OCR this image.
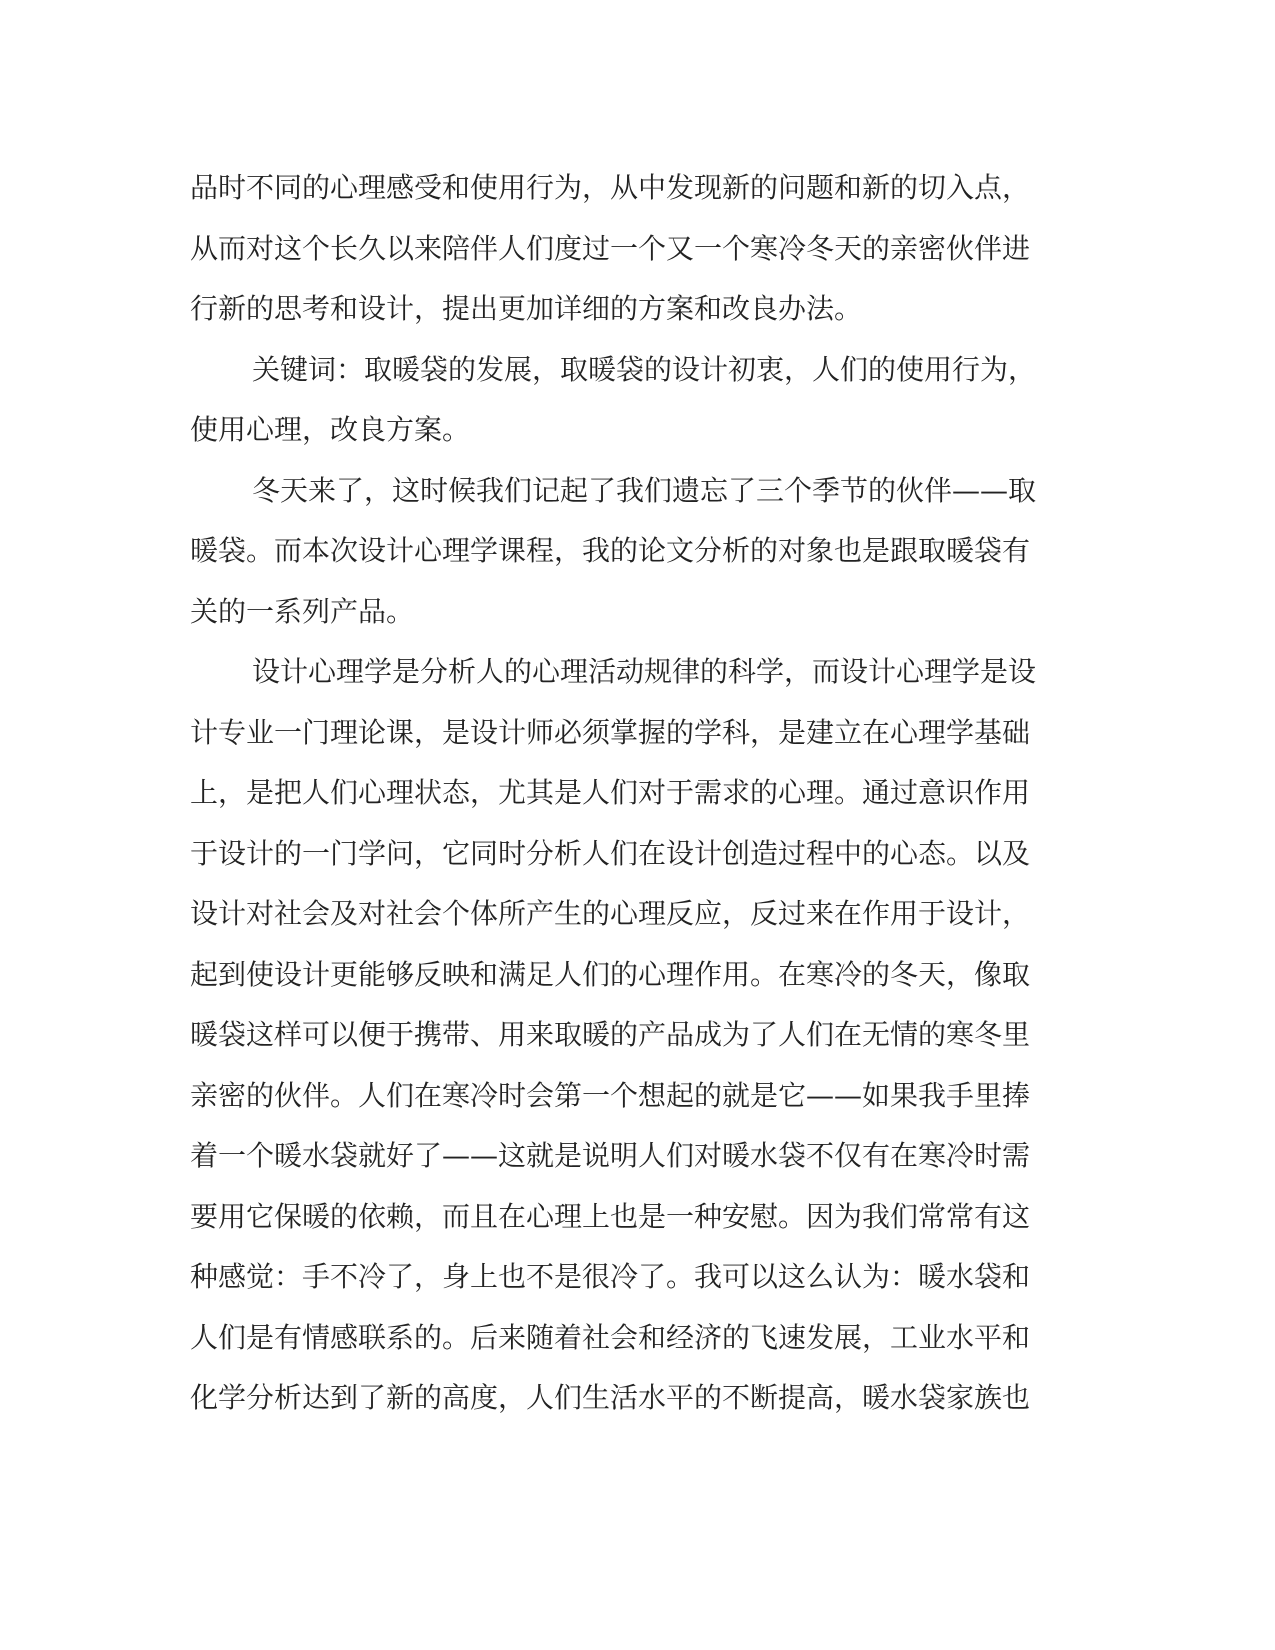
品时不同的心理感受和使用行为，从中发现新的问题和新的切入点，
从而对这个长久以来陪伴人们度过一个又一个寒冷冬天的亲密伙伴进
行新的思考和设计，提出更加详细的方案和改良办法。
关键词：取暖袋的发展，取暖袋的设计初衷，人们的使用行为，
使用心理，改良方案。
冬天来了，这时候我们记起了我们遗忘了三个季节的伙伴——取
暖袋。而本次设计心理学课程，我的论文分析的对象也是跟取暖袋有
关的一系列产品。
设计心理学是分析人的心理活动规律的科学，而设计心理学是设
计专业一门理论课，是设计师必须掌握的学科，是建立在心理学基础
上，是把人们心理状态，尤其是人们对于需求的心理。通过意识作用
于设计的一门学问，它同时分析人们在设计创造过程中的心态。以及
设计对社会及对社会个体所产生的心理反应，反过来在作用于设计，
起到使设计更能够反映和满足人们的心理作用。在寒冷的冬天，像取
暖袋这样可以便于携带、用来取暖的产品成为了人们在无情的寒冬里
亲密的伙伴。人们在寒冷时会第一个想起的就是它——如果我手里捧
着一个暖水袋就好了——这就是说明人们对暖水袋不仅有在寒冷时需
要用它保暖的依赖，而且在心理上也是一种安慰。因为我们常常有这
种感觉：手不冷了，身上也不是很冷了。我可以这么认为：暖水袋和
人们是有情感联系的。后来随着社会和经济的飞速发展，工业水平和
化学分析达到了新的高度，人们生活水平的不断提高，暖水袋家族也
